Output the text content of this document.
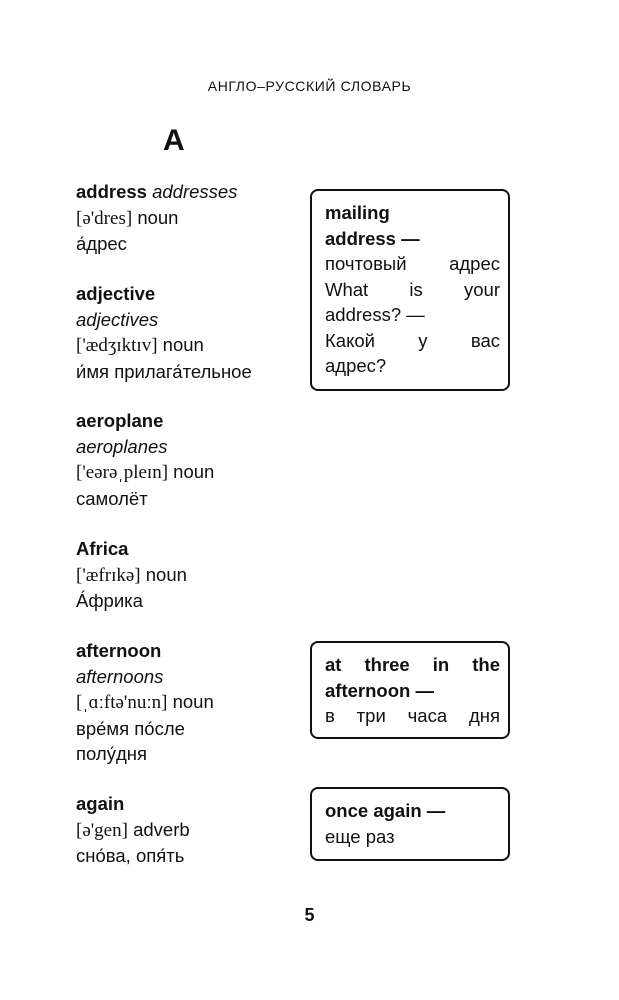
АНГЛО–РУССКИЙ СЛОВАРЬ
A
address addresses
[ə'dres] noun
а́дрес
adjective
adjectives
['ædʒɪktɪv] noun
и́мя прилага́тельное
aeroplane
aeroplanes
['eərəˌpleɪn] noun
самолёт
Africa
['æfrɪkə] noun
А́фрика
afternoon
afternoons
[ˌɑːftə'nuːn] noun
вре́мя по́сле
полу́дня
again
[ə'gen] adverb
сно́ва, опя́ть
mailing
address —
почтовый адрес
What is your
address? —
Какой у вас
адрес?
at three in the
afternoon —
в три часа дня
once again —
еще раз
5
